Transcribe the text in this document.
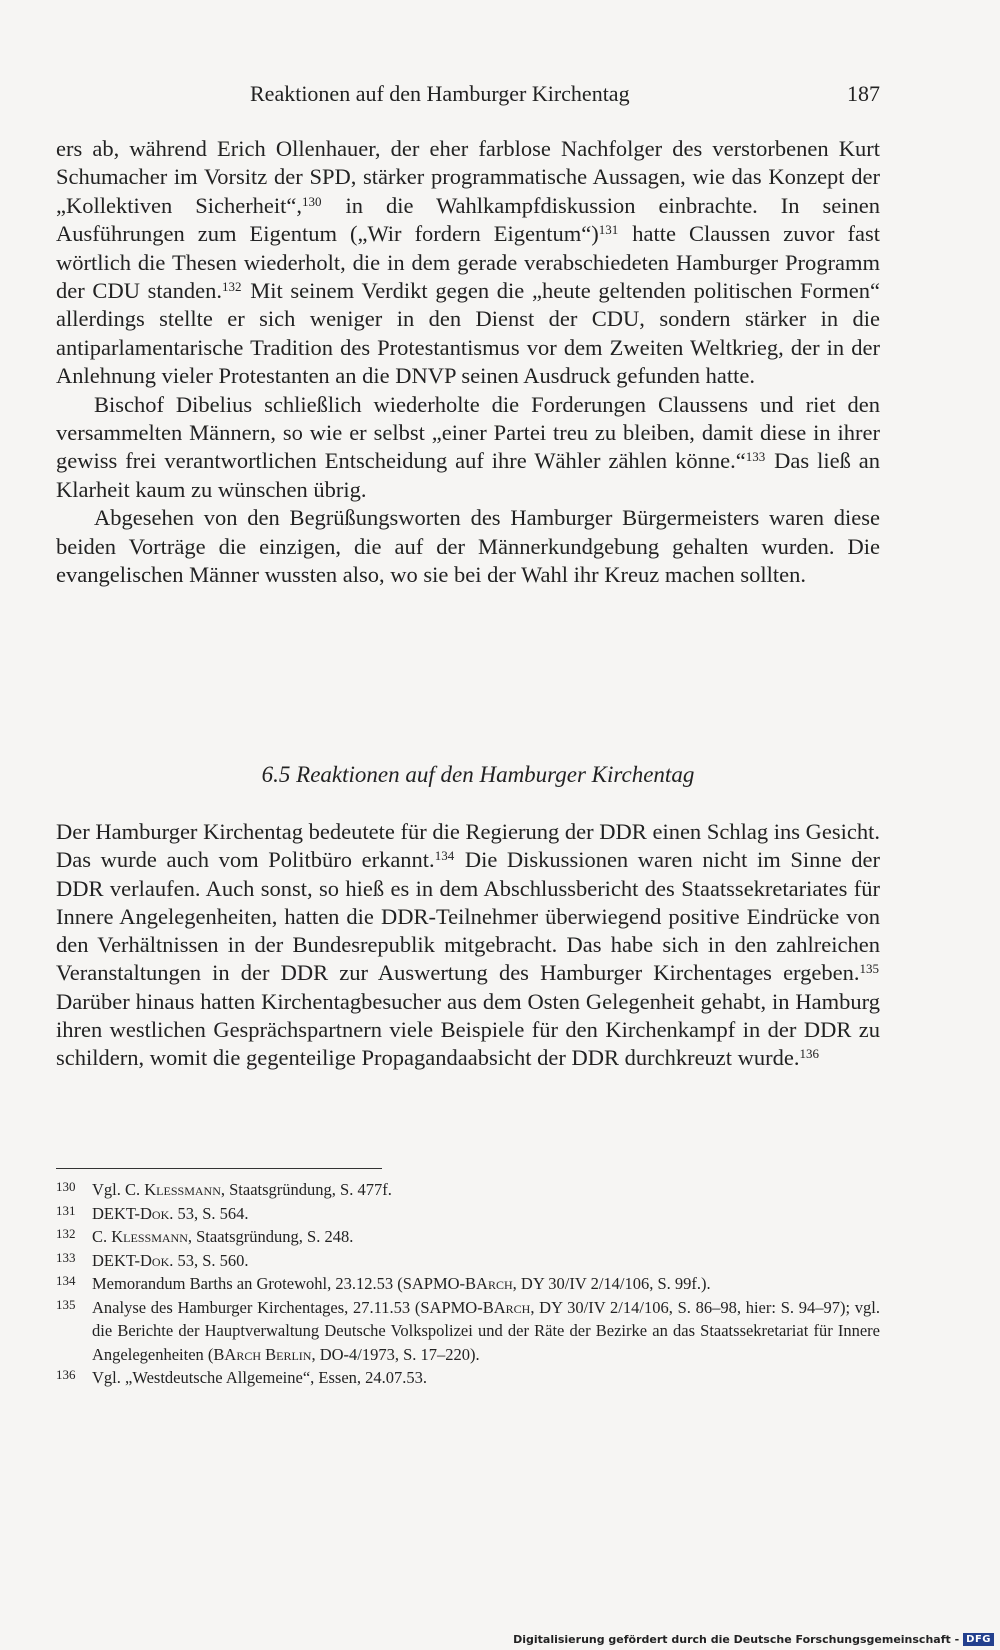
Reaktionen auf den Hamburger Kirchentag	187

ers ab, während Erich Ollenhauer, der eher farblose Nachfolger des verstorbenen Kurt Schumacher im Vorsitz der SPD, stärker programmatische Aussagen, wie das Konzept der „Kollektiven Sicherheit“,$^{130}$ in die Wahlkampfdiskussion einbrachte. In seinen Ausführungen zum Eigentum („Wir fordern Eigentum“)$^{131}$ hatte Claussen zuvor fast wörtlich die Thesen wiederholt, die in dem gerade verabschiedeten Hamburger Programm der CDU standen.$^{132}$ Mit seinem Verdikt gegen die „heute geltenden politischen Formen“ allerdings stellte er sich weniger in den Dienst der CDU, sondern stärker in die antiparlamentarische Tradition des Protestantismus vor dem Zweiten Weltkrieg, der in der Anlehnung vieler Protestanten an die DNVP seinen Ausdruck gefunden hatte.

Bischof Dibelius schließlich wiederholte die Forderungen Claussens und riet den versammelten Männern, so wie er selbst „einer Partei treu zu bleiben, damit diese in ihrer gewiss frei verantwortlichen Entscheidung auf ihre Wähler zählen könne.“$^{133}$ Das ließ an Klarheit kaum zu wünschen übrig.

Abgesehen von den Begrüßungsworten des Hamburger Bürgermeisters waren diese beiden Vorträge die einzigen, die auf der Männerkundgebung gehalten wurden. Die evangelischen Männer wussten also, wo sie bei der Wahl ihr Kreuz machen sollten.

6.5 Reaktionen auf den Hamburger Kirchentag

Der Hamburger Kirchentag bedeutete für die Regierung der DDR einen Schlag ins Gesicht. Das wurde auch vom Politbüro erkannt.$^{134}$ Die Diskussionen waren nicht im Sinne der DDR verlaufen. Auch sonst, so hieß es in dem Abschlussbericht des Staatssekretariates für Innere Angelegenheiten, hatten die DDR-Teilnehmer überwiegend positive Eindrücke von den Verhältnissen in der Bundesrepublik mitgebracht. Das habe sich in den zahlreichen Veranstaltungen in der DDR zur Auswertung des Hamburger Kirchentages ergeben.$^{135}$ Darüber hinaus hatten Kirchentagbesucher aus dem Osten Gelegenheit gehabt, in Hamburg ihren westlichen Gesprächspartnern viele Beispiele für den Kirchenkampf in der DDR zu schildern, womit die gegenteilige Propagandaabsicht der DDR durchkreuzt wurde.$^{136}$

130 Vgl. C. Klessmann, Staatsgründung, S. 477f.
131 DEKT-Dok. 53, S. 564.
132 C. Klessmann, Staatsgründung, S. 248.
133 DEKT-Dok. 53, S. 560.
134 Memorandum Barths an Grotewohl, 23.12.53 (SAPMO-BArch, DY 30/IV 2/14/106, S. 99f.).
135 Analyse des Hamburger Kirchentages, 27.11.53 (SAPMO-BArch, DY 30/IV 2/14/106, S. 86–98, hier: S. 94–97); vgl. die Berichte der Hauptverwaltung Deutsche Volkspolizei und der Räte der Bezirke an das Staatssekretariat für Innere Angelegenheiten (BArch Berlin, DO-4/1973, S. 17–220).
136 Vgl. „Westdeutsche Allgemeine“, Essen, 24.07.53.
Digitalisierung gefördert durch die Deutsche Forschungsgemeinschaft - DFG
